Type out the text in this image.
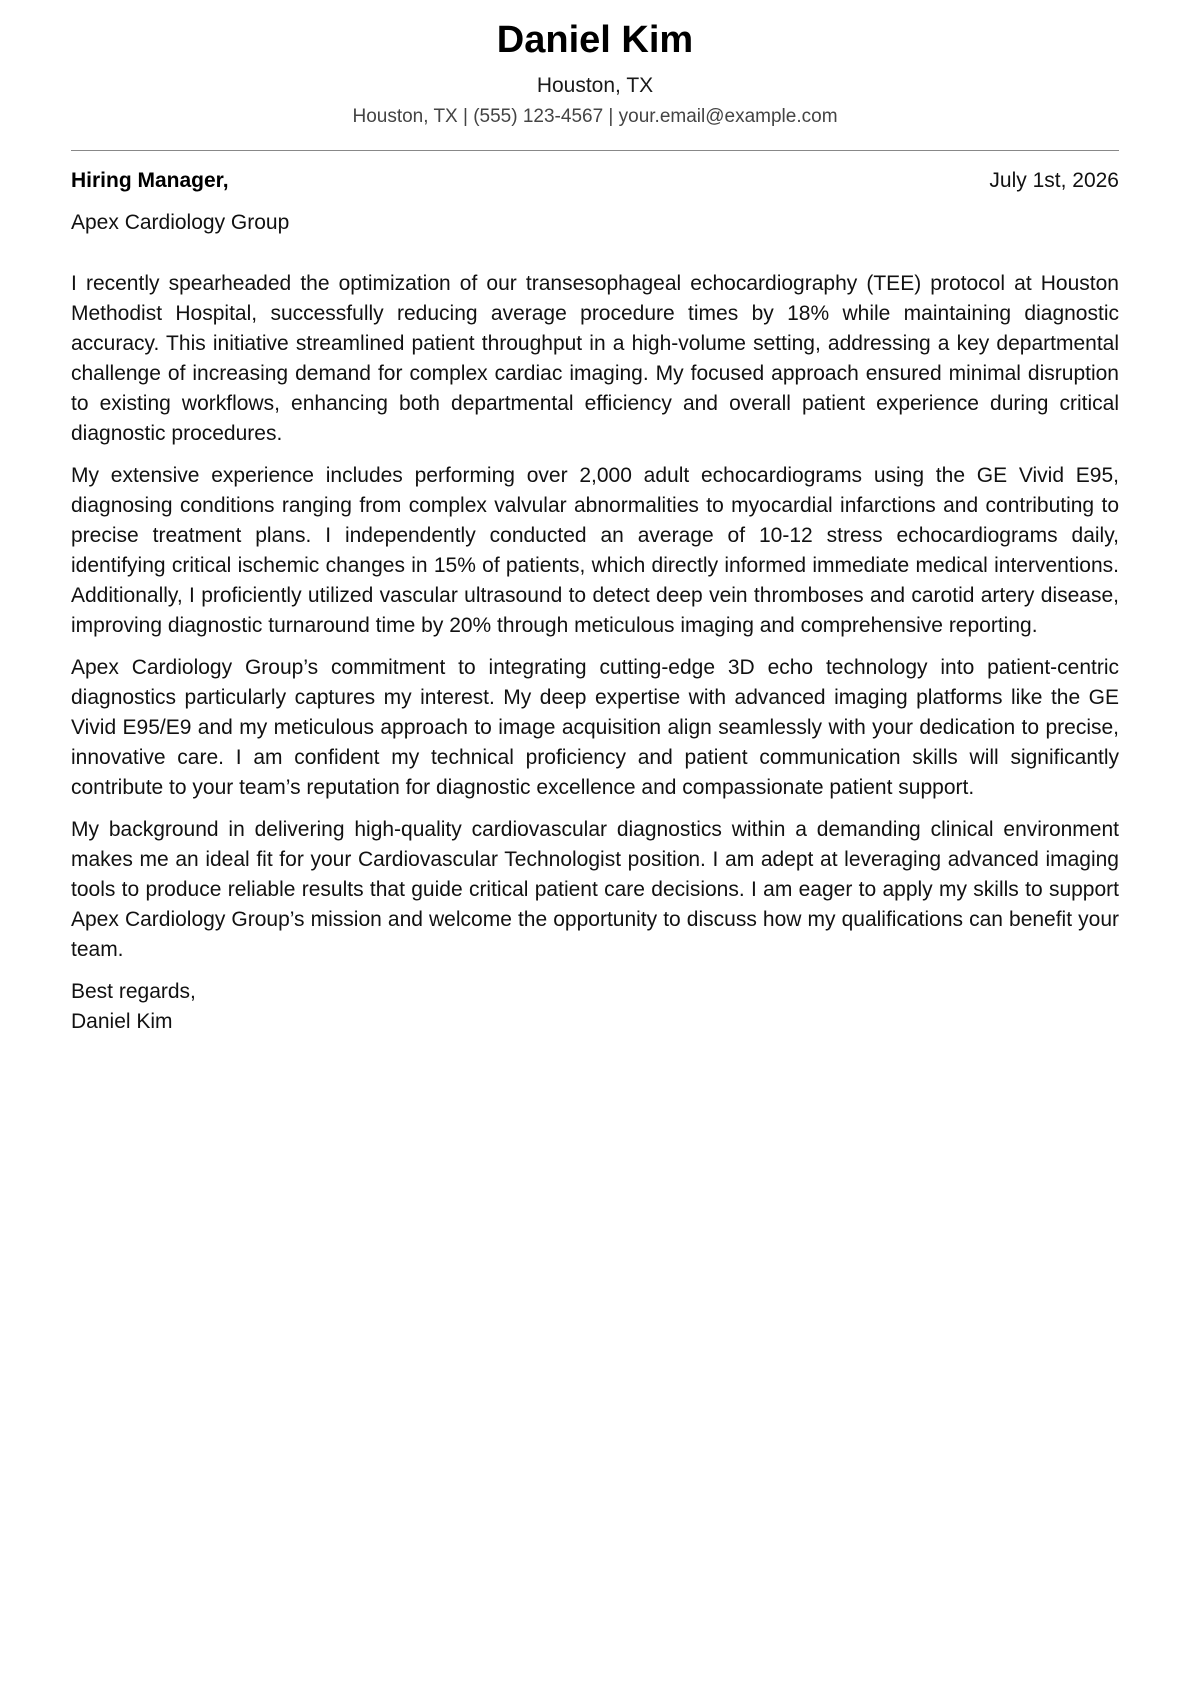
Daniel Kim
Houston, TX
Houston, TX | (555) 123-4567 | your.email@example.com
Hiring Manager,	July 1st, 2026
Apex Cardiology Group

I recently spearheaded the optimization of our transesophageal echocardiography (TEE) protocol at Houston Methodist Hospital, successfully reducing average procedure times by 18% while maintaining diagnostic accuracy. This initiative streamlined patient throughput in a high-volume setting, addressing a key departmental challenge of increasing demand for complex cardiac imaging. My focused approach ensured minimal disruption to existing workflows, enhancing both departmental efficiency and overall patient experience during critical diagnostic procedures.

My extensive experience includes performing over 2,000 adult echocardiograms using the GE Vivid E95, diagnosing conditions ranging from complex valvular abnormalities to myocardial infarctions and contributing to precise treatment plans. I independently conducted an average of 10-12 stress echocardiograms daily, identifying critical ischemic changes in 15% of patients, which directly informed immediate medical interventions. Additionally, I proficiently utilized vascular ultrasound to detect deep vein thromboses and carotid artery disease, improving diagnostic turnaround time by 20% through meticulous imaging and comprehensive reporting.

Apex Cardiology Group’s commitment to integrating cutting-edge 3D echo technology into patient-centric diagnostics particularly captures my interest. My deep expertise with advanced imaging platforms like the GE Vivid E95/E9 and my meticulous approach to image acquisition align seamlessly with your dedication to precise, innovative care. I am confident my technical proficiency and patient communication skills will significantly contribute to your team’s reputation for diagnostic excellence and compassionate patient support.

My background in delivering high-quality cardiovascular diagnostics within a demanding clinical environment makes me an ideal fit for your Cardiovascular Technologist position. I am adept at leveraging advanced imaging tools to produce reliable results that guide critical patient care decisions. I am eager to apply my skills to support Apex Cardiology Group’s mission and welcome the opportunity to discuss how my qualifications can benefit your team.

Best regards,
Daniel Kim
